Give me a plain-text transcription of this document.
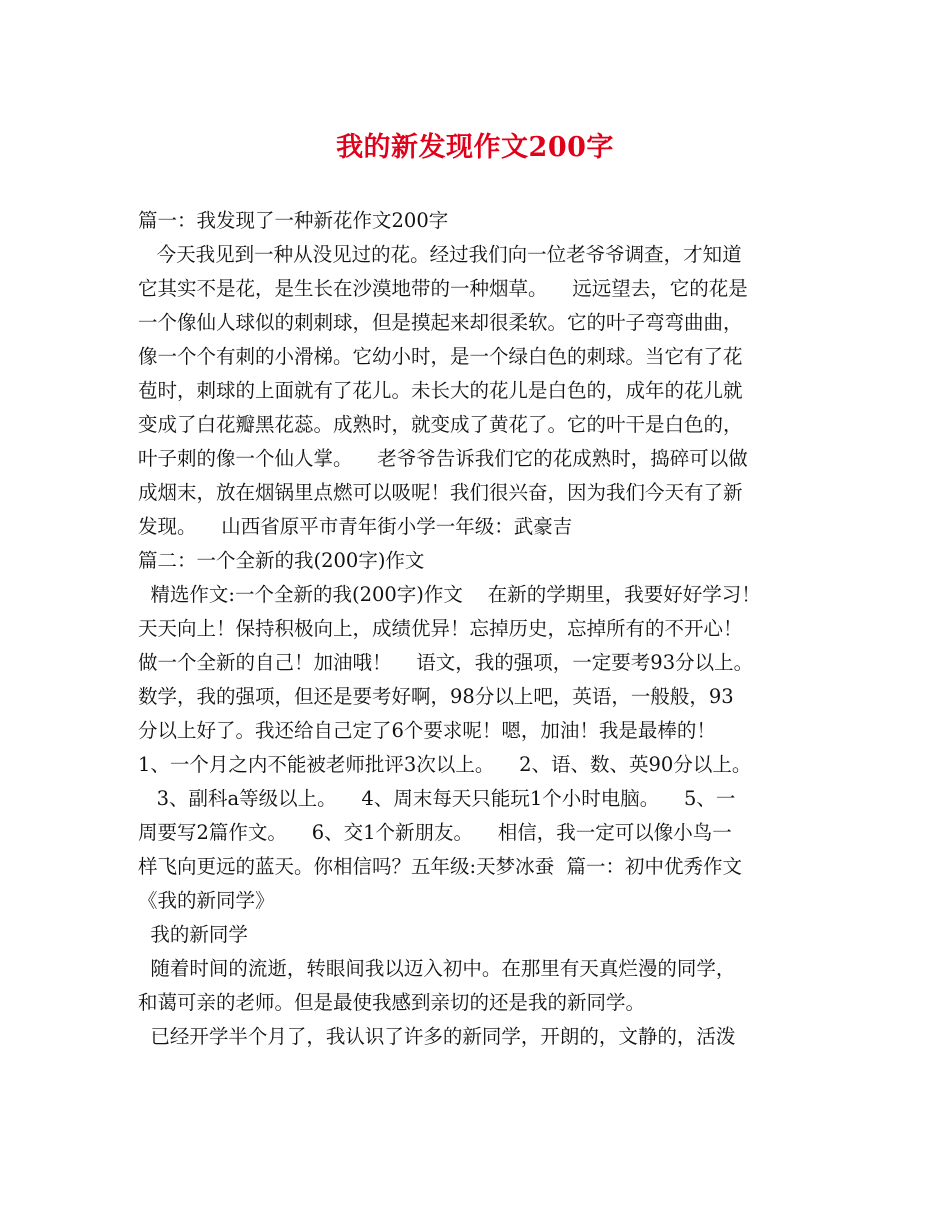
我的新发现作文200字
篇一：我发现了一种新花作文200字
今天我见到一种从没见过的花。经过我们向一位老爷爷调查，才知道
它其实不是花，是生长在沙漠地带的一种烟草。    远远望去，它的花是
一个像仙人球似的刺刺球，但是摸起来却很柔软。它的叶子弯弯曲曲，
像一个个有刺的小滑梯。它幼小时，是一个绿白色的刺球。当它有了花
苞时，刺球的上面就有了花儿。未长大的花儿是白色的，成年的花儿就
变成了白花瓣黑花蕊。成熟时，就变成了黄花了。它的叶干是白色的，
叶子刺的像一个仙人掌。    老爷爷告诉我们它的花成熟时，捣碎可以做
成烟末，放在烟锅里点燃可以吸呢！我们很兴奋，因为我们今天有了新
发现。    山西省原平市青年街小学一年级：武豪吉
篇二：一个全新的我(200字)作文
精选作文:一个全新的我(200字)作文    在新的学期里，我要好好学习！
天天向上！保持积极向上，成绩优异！忘掉历史，忘掉所有的不开心！
做一个全新的自己！加油哦！    语文，我的强项，一定要考93分以上。
数学，我的强项，但还是要考好啊，98分以上吧，英语，一般般，93
分以上好了。我还给自己定了6个要求呢！嗯，加油！我是最棒的！
1、一个月之内不能被老师批评3次以上。    2、语、数、英90分以上。
3、副科a等级以上。    4、周末每天只能玩1个小时电脑。    5、一
周要写2篇作文。    6、交1个新朋友。    相信，我一定可以像小鸟一
样飞向更远的蓝天。你相信吗？五年级:天梦冰蚕  篇一：初中优秀作文
《我的新同学》
我的新同学
随着时间的流逝，转眼间我以迈入初中。在那里有天真烂漫的同学，
和蔼可亲的老师。但是最使我感到亲切的还是我的新同学。
已经开学半个月了，我认识了许多的新同学，开朗的，文静的，活泼
